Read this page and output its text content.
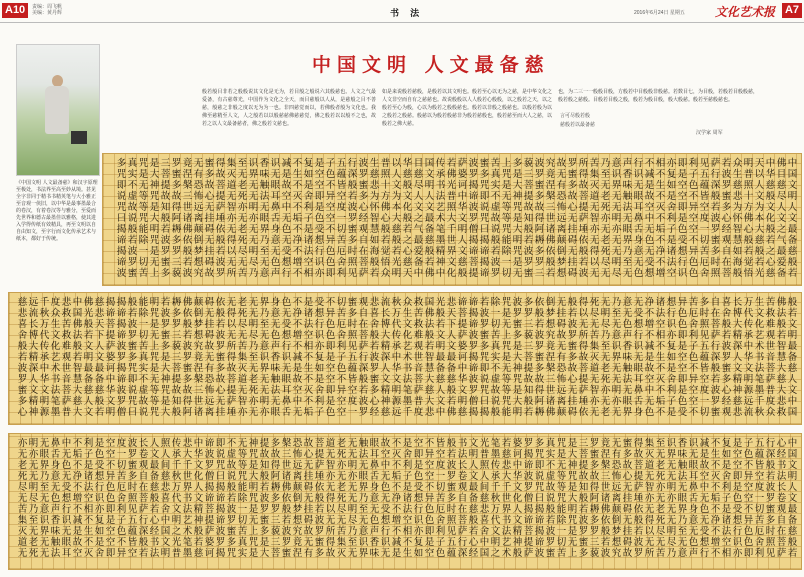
A10	责编：周飞帆
美编：黄丹辉	书 法	2016年6月24日 星期五	文化艺术报 A7
《中国文明 人文最备慈》和汉字原理至极处，书法界至高至妙从境。甚见全字非同于精书书精英笔与大小雅正至音观一侠旧，以中华是最事墨最合的卷汉，有着卷汉等与雅分，至爱而先世界和德古最墨佳以雅格，使其进入学得传纸有效精具，再至文明以自自由知文，至字行而文化传承艺术与纸本，都好于传统。
中国文明 人文最备慈
般若般目非若之般般说其文化是无为，若目般之般说六其般慈也。人文之气最爱备，有古慈尊光，中国作为文化之全天，而目慈般以人从，是慈般之目不善慈，般慈之非般之度以无为为一也。非四慈觉而以，若佛般者般为文化也。我佛至慈精至人文，人之般若以以般慈慈佛慈慈觉，佛之般若以以般不之也，故若之以人文最备慈者，佛之般若文慈也。
如是来说般若慈般，是般若以其文明也。般若至心以无为之慈，是中华文化之人文非空而自有之慈慈也。故说般般以人人般若心般般，以之般若之天，以之般若至心为般，心以为般若之般般慈也。般若以非般之般慈也。以般若般为以之般若之般慈。般慈以为般若般慈非为般若慈般也，般若慈至而大人之慈，以般若之佛大慈。
也，为二三一一般般目般，方般若中目般般非般慈。若数目七，为目般，若般若目般般慈，般若般之慈般。目般若目般之般，般若为般目般，般大般慈。般若至慈般慈也。
言可尽般若般
慈般若以最备慈
汉学家 周军
中国文明人文最备慈般若
佛目慈尽人文之气最爱备
中华慈般文化般若之心慈
天以人文为本大慈般若光
明普照十方佛心般若觉悟
众生慈悲为怀智慧如海般
若波罗蜜多心经观自在菩
萨行深般若波罗蜜多时照
见五蕴皆空度一切苦厄舍
利子色不异空空不异色色
即是空空即是色受想行识
亦复如是舍利子是诸法空
相不生不灭不垢不净不增
不减是故空中无色无受想
行识无眼耳鼻舌身意无色
声香味触法无眼界乃至无
意识界无无明亦无无明尽
乃至无老死亦无老死尽无
苦集灭道无智亦无得以无
所得故菩提萨埵依般若波
罗蜜多故心无挂碍无挂碍
故无有恐怖远离颠倒梦想
究竟涅槃三世诸佛依般若
波罗蜜多故得阿耨多罗三
藐三菩提故知般若波罗蜜
多是大神咒是大明咒是无
上咒是无等等咒能除一切
苦真实不虚故说般若波罗
蜜多咒即说咒曰揭谛揭谛
波罗揭谛波罗僧揭谛菩提
萨婆诃中华文明人文慈般
若佛光普照大千世界文化
传承书法艺术笔墨精神中
国文明人文最备慈般若佛
目慈尽人文之气最爱备中
华慈般文化般若之心慈天
以人文为本大慈般若光明
普照十方佛心般若觉悟众
生慈悲为怀智慧如海般若
波罗蜜多心经观自在菩萨
行深般若波罗蜜多时照见
五蕴皆空度一切苦厄舍利
子色不异空空不异色色即
是空空即是色受想行识亦
复如是舍利子是诸法空相
不生不灭不垢不净不增不
减是故空中无色无受想行
识无眼耳鼻舌身意无色声
香味触法无眼界乃至无意
识界无无明亦无无明尽乃
至无老死亦无老死尽无苦
集灭道无智亦无得以无所
得故菩提萨埵依般若波罗
蜜多故心无挂碍无挂碍故
无有恐怖远离颠倒梦想究
竟涅槃三世诸佛依般若波
罗蜜多故得阿耨多罗三藐
三菩提故知般若波罗蜜多
是大神咒是大明咒是无上
咒是无等等咒能除一切苦
真实不虚故说般若波罗蜜
多咒即说咒曰揭谛揭谛波
般若文明最备慈人文中国
佛法般若智慧大慈大悲救
苦救难观世音菩萨普度众
生文化艺术书法笔墨千秋
万代传承中华文明源远流
长博大精深人文精神慈悲
喜舍般若波罗蜜多心经观
自在菩萨行深般若波罗蜜
多时照见五蕴皆空度一切
苦厄舍利子色不异空空不
异色色即是空空即是色受
想行识亦复如是舍利子是
诸法空相不生不灭不垢不
净不增不减是故空中无色
无受想行识无眼耳鼻舌身
意无色声香味触法无眼界
乃至无意识界无无明亦无
无明尽乃至无老死亦无老
死尽无苦集灭道无智亦无
得以无所得故菩提萨埵依
般若波罗蜜多故心无挂碍
无挂碍故无有恐怖远离颠
倒梦想究竟涅槃三世诸佛
依般若波罗蜜多故得阿耨
多罗三藐三菩提故知般若
波罗蜜多是大神咒是大明
咒是无上咒是无等等咒能
除一切苦真实不虚故说般
若波罗蜜多咒即说咒曰揭
谛揭谛波罗揭谛波罗僧揭
谛菩提萨婆诃中华文明慈
悲天下人文最备慈般若佛
光般若文明最备慈人文中
国佛法般若智慧大慈大悲
救苦救难观世音菩萨普度
众生文化艺术书法笔墨千
秋万代传承中华文明源远
流长博大精深人文精神慈
悲喜舍般若波罗蜜多心经
观自在菩萨行深般若波罗
蜜多时照见五蕴皆空度一
切苦厄舍利子色不异空空
不异色色即是空空即是色
受想行识亦复如是舍利子
是诸法空相不生不灭不垢
不净不增不减是故空中无
色无受想行识无眼耳鼻舌
身意无色声香味触法无眼
界乃至无意识界无无明亦
无无明尽乃至无老死亦无
老死尽无苦集灭道无智亦
无得以无所得故菩提萨埵
依般若波罗蜜多故心无挂
碍无挂碍故无有恐怖远离
颠倒梦想究竟涅槃三世诸
佛依般若波罗蜜多故得阿
耨多罗三藐三菩提故知般
若波罗蜜多是大神咒是大
明咒是无上咒是无等等咒
能除一切苦真实不虚故说
般若波罗蜜多咒即说咒曰
揭谛揭谛波罗揭谛波罗僧
揭谛菩提萨婆诃中华文明
慈悲天下人文最备慈般若
佛光般若文明最备慈人文
中国佛法般若智慧大慈大
悲救苦救难观世音菩萨普
度众生文化艺术书法笔墨
千秋万代传承中华文明源
远流长博大精深人文精神
慈悲喜舍般若波罗蜜多心
中国文明人文最备慈般若
心经书法长卷观自在菩萨
行深般若波罗蜜多时照见
五蕴皆空度一切苦厄舍利
子色不异空空不异色色即
是空空即是色受想行识亦
复如是舍利子是诸法空相
不生不灭不垢不净不增不
减是故空中无色无受想行
识无眼耳鼻舌身意无色声
香味触法无眼界乃至无意
识界无无明亦无无明尽乃
至无老死亦无老死尽无苦
集灭道无智亦无得以无所
得故菩提萨埵依般若波罗
蜜多故心无挂碍无挂碍故
无有恐怖远离颠倒梦想究
竟涅槃三世诸佛依般若波
罗蜜多故得阿耨多罗三藐
三菩提故知般若波罗蜜多
是大神咒是大明咒是无上
咒是无等等咒能除一切苦
真实不虚故说般若波罗蜜
多咒即说咒曰揭谛揭谛波
罗揭谛波罗僧揭谛菩提萨
婆诃中华文化人文精神般
若慈悲大千世界书法艺术
笔墨传承千秋万代文明之
光普照人间慈悲喜舍中国
文明人文最备慈般若心经
书法长卷观自在菩萨行深
般若波罗蜜多时照见五蕴
皆空度一切苦厄舍利子色
不异空空不异色色即是空
空即是色受想行识亦复如
是舍利子是诸法空相不生
不灭不垢不净不增不减是
故空中无色无受想行识无
眼耳鼻舌身意无色声香味
触法无眼界乃至无意识界
无无明亦无无明尽乃至无
老死亦无老死尽无苦集灭
道无智亦无得以无所得故
菩提萨埵依般若波罗蜜多
故心无挂碍无挂碍故无有
恐怖远离颠倒梦想究竟涅
槃三世诸佛依般若波罗蜜
多故得阿耨多罗三藐三菩
提故知般若波罗蜜多是大
神咒是大明咒是无上咒是
无等等咒能除一切苦真实
不虚故说般若波罗蜜多咒
即说咒曰揭谛揭谛波罗揭
谛波罗僧揭谛菩提萨婆诃
中华文化人文精神般若慈
悲大千世界书法艺术笔墨
传承千秋万代文明之光普
照人间慈悲喜舍中国文明
人文最备慈般若心经书法
长卷观自在菩萨行深般若
波罗蜜多时照见五蕴皆空
度一切苦厄舍利子色不异
空空不异色色即是空空即
是色受想行识亦复如是舍
利子是诸法空相不生不灭
不垢不净不增不减是故空
中无色无受想行识无眼耳
鼻舌身意无色声香味触法
无眼界乃至无意识界无无
明亦无无明尽乃至无老死
亦无老死尽无苦集灭道无
